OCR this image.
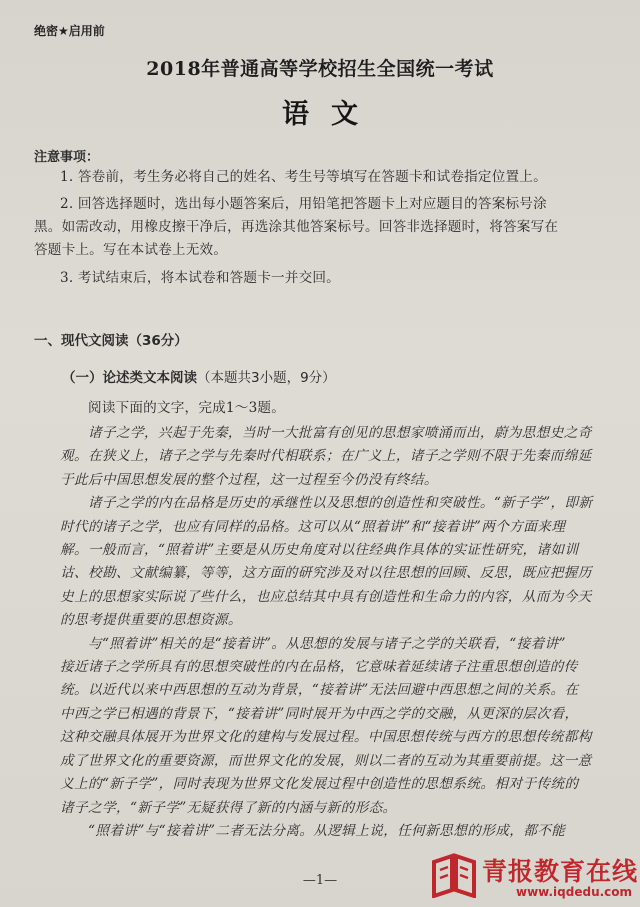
绝密★启用前
2018年普通高等学校招生全国统一考试
语文
注意事项：
1. 答卷前，考生务必将自己的姓名、考生号等填写在答题卡和试卷指定位置上。
2. 回答选择题时，选出每小题答案后，用铅笔把答题卡上对应题目的答案标号涂
黑。如需改动，用橡皮擦干净后，再选涂其他答案标号。回答非选择题时，将答案写在
答题卡上。写在本试卷上无效。
3. 考试结束后，将本试卷和答题卡一并交回。
一、现代文阅读（36分）
（一）论述类文本阅读（本题共3小题，9分）
阅读下面的文字，完成1～3题。
诸子之学，兴起于先秦，当时一大批富有创见的思想家喷涌而出，蔚为思想史之奇
观。在狭义上，诸子之学与先秦时代相联系；在广义上，诸子之学则不限于先秦而绵延
于此后中国思想发展的整个过程，这一过程至今仍没有终结。
诸子之学的内在品格是历史的承继性以及思想的创造性和突破性。“新子学”，即新
时代的诸子之学，也应有同样的品格。这可以从“照着讲”和“接着讲”两个方面来理
解。一般而言，“照着讲”主要是从历史角度对以往经典作具体的实证性研究，诸如训
诂、校勘、文献编纂，等等，这方面的研究涉及对以往思想的回顾、反思，既应把握历
史上的思想家实际说了些什么，也应总结其中具有创造性和生命力的内容，从而为今天
的思考提供重要的思想资源。
与“照着讲”相关的是“接着讲”。从思想的发展与诸子之学的关联看，“接着讲”
接近诸子之学所具有的思想突破性的内在品格，它意味着延续诸子注重思想创造的传
统。以近代以来中西思想的互动为背景，“接着讲”无法回避中西思想之间的关系。在
中西之学已相遇的背景下，“接着讲”同时展开为中西之学的交融，从更深的层次看，
这种交融具体展开为世界文化的建构与发展过程。中国思想传统与西方的思想传统都构
成了世界文化的重要资源，而世界文化的发展，则以二者的互动为其重要前提。这一意
义上的“新子学”，同时表现为世界文化发展过程中创造性的思想系统。相对于传统的
诸子之学，“新子学”无疑获得了新的内涵与新的形态。
“照着讲”与“接着讲”二者无法分离。从逻辑上说，任何新思想的形成，都不能
—1—	青报教育在线
www.iqdedu.com
